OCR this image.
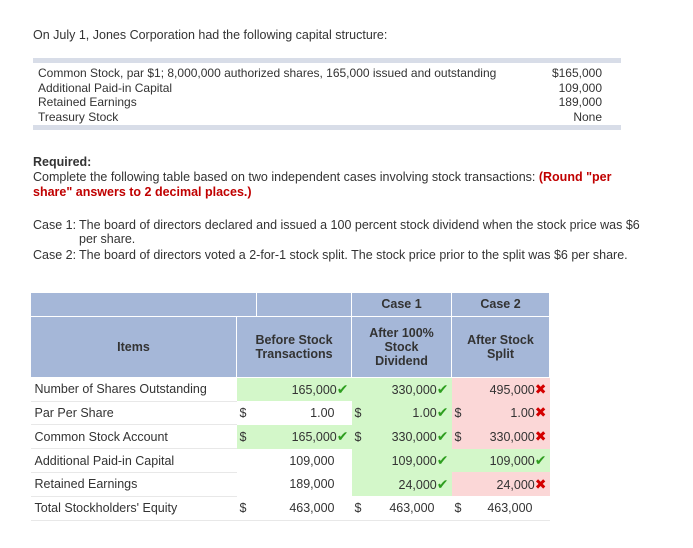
On July 1, Jones Corporation had the following capital structure:
Common Stock, par $1; 8,000,000 authorized shares, 165,000 issued and outstanding	$165,000
Additional Paid-in Capital	109,000
Retained Earnings	189,000
Treasury Stock	None
Required:
Complete the following table based on two independent cases involving stock transactions: (Round "per share" answers to 2 decimal places.)
Case 1: The board of directors declared and issued a 100 percent stock dividend when the stock price was $6 per share.
Case 2: The board of directors voted a 2-for-1 stock split. The stock price prior to the split was $6 per share.
			Case 1		Case 2	
Items	Before Stock Transactions		After 100% Stock Dividend		After Stock Split	
Number of Shares Outstanding		165,000✔		330,000✔		495,000✖
Par Per Share	$	1.00	$	1.00✔	$	1.00✖
Common Stock Account	$	165,000✔	$	330,000✔	$	330,000✖
Additional Paid-in Capital		109,000		109,000✔		109,000✔
Retained Earnings		189,000		24,000✔		24,000✖
Total Stockholders' Equity	$	463,000	$	463,000	$	463,000
